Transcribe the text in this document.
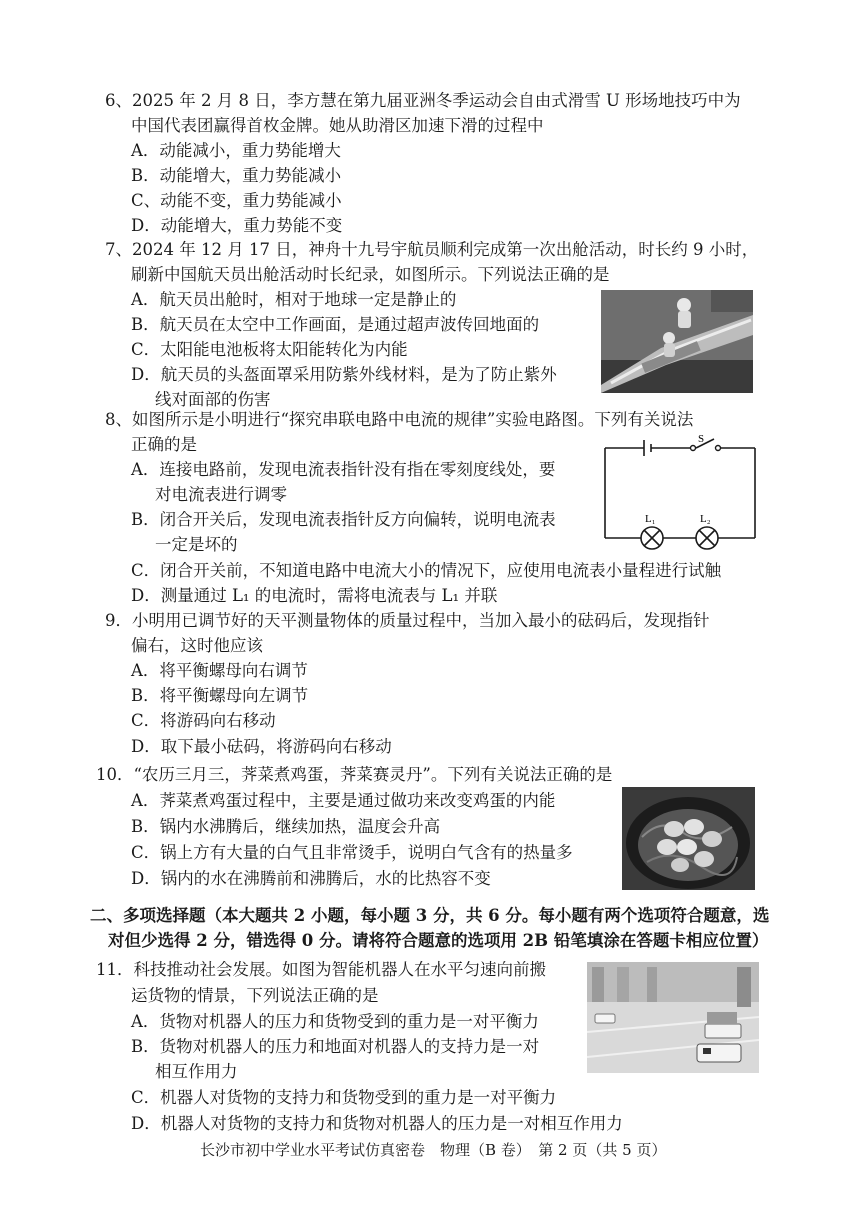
6、2025 年 2 月 8 日，李方慧在第九届亚洲冬季运动会自由式滑雪 U 形场地技巧中为
中国代表团赢得首枚金牌。她从助滑区加速下滑的过程中
A．动能减小，重力势能增大
B．动能增大，重力势能减小
C、动能不变，重力势能减小
D．动能增大，重力势能不变
7、2024 年 12 月 17 日，神舟十九号宇航员顺利完成第一次出舱活动，时长约 9 小时，
刷新中国航天员出舱活动时长纪录，如图所示。下列说法正确的是
A．航天员出舱时，相对于地球一定是静止的
B．航天员在太空中工作画面，是通过超声波传回地面的
C．太阳能电池板将太阳能转化为内能
D．航天员的头盔面罩采用防紫外线材料，是为了防止紫外
线对面部的伤害
8、如图所示是小明进行“探究串联电路中电流的规律”实验电路图。下列有关说法
正确的是
A．连接电路前，发现电流表指针没有指在零刻度线处，要
对电流表进行调零
B．闭合开关后，发现电流表指针反方向偏转，说明电流表
一定是坏的
C．闭合开关前，不知道电路中电流大小的情况下，应使用电流表小量程进行试触
D．测量通过 L₁ 的电流时，需将电流表与 L₁ 并联
S
L₁	L₂
9．小明用已调节好的天平测量物体的质量过程中，当加入最小的砝码后，发现指针
偏右，这时他应该
A．将平衡螺母向右调节
B．将平衡螺母向左调节
C．将游码向右移动
D．取下最小砝码，将游码向右移动
10．“农历三月三，荠菜煮鸡蛋，荠菜赛灵丹”。下列有关说法正确的是
A．荠菜煮鸡蛋过程中，主要是通过做功来改变鸡蛋的内能
B．锅内水沸腾后，继续加热，温度会升高
C．锅上方有大量的白气且非常烫手，说明白气含有的热量多
D．锅内的水在沸腾前和沸腾后，水的比热容不变
二、多项选择题（本大题共 2 小题，每小题 3 分，共 6 分。每小题有两个选项符合题意，选
对但少选得 2 分，错选得 0 分。请将符合题意的选项用 2B 铅笔填涂在答题卡相应位置）
11．科技推动社会发展。如图为智能机器人在水平匀速向前搬
运货物的情景，下列说法正确的是
A．货物对机器人的压力和货物受到的重力是一对平衡力
B．货物对机器人的压力和地面对机器人的支持力是一对
相互作用力
C．机器人对货物的支持力和货物受到的重力是一对平衡力
D．机器人对货物的支持力和货物对机器人的压力是一对相互作用力
长沙市初中学业水平考试仿真密卷　物理（B 卷）　第 2 页（共 5 页）
